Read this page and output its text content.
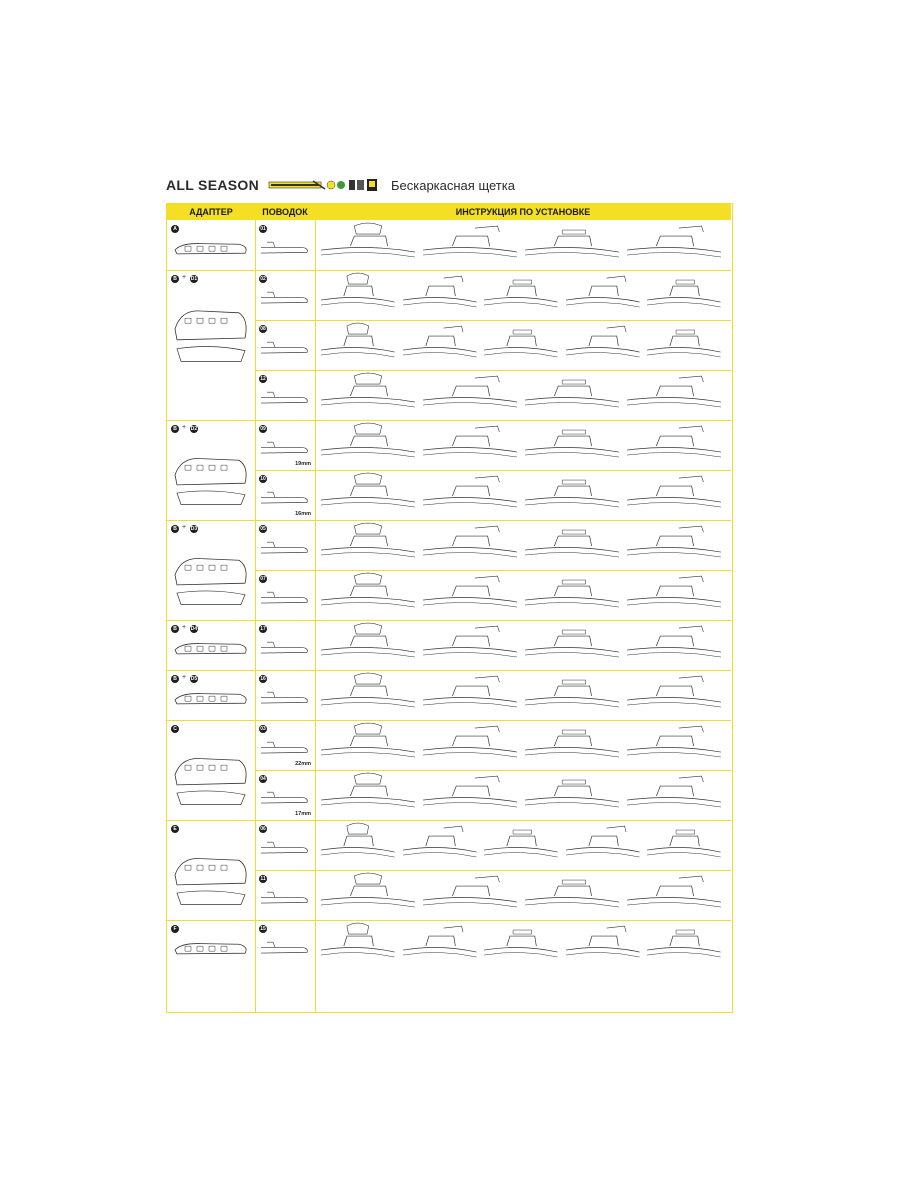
ALL SEASON	Бескаркасная щетка
АДАПТЕР	ПОВОДОК	ИНСТРУКЦИЯ ПО УСТАНОВКЕ
A	01
B + D1	02
08
12
B + D2	09
19mm
10
16mm
B + D3	05
07
B + D4	17
B + D5	16
C	03
22mm
04
17mm
E	06
11
F	15
